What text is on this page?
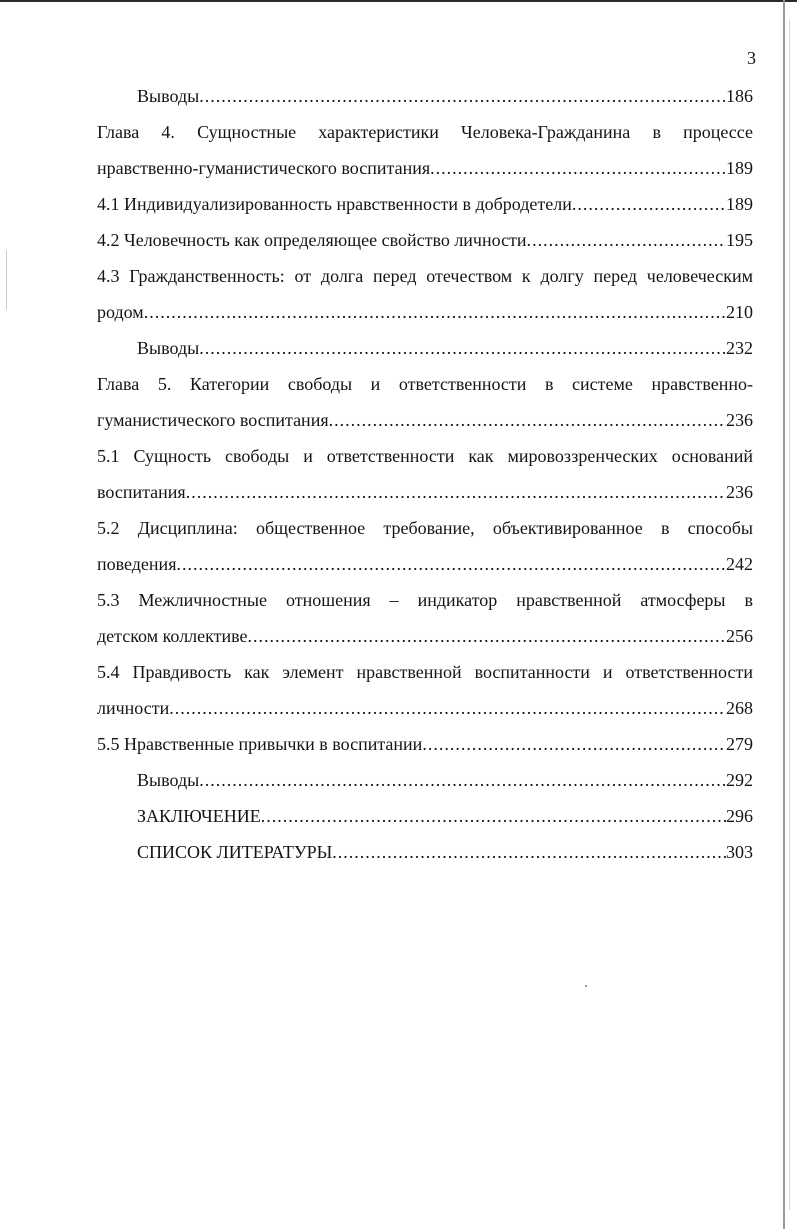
3
Выводы .....	186
Глава 4. Сущностные характеристики Человека-Гражданина в процессе
нравственно-гуманистического воспитания .....	189
4.1 Индивидуализированность нравственности в добродетели .....	189
4.2 Человечность как определяющее свойство личности .....	195
4.3 Гражданственность: от долга перед отечеством к долгу перед человеческим
родом .....	210
Выводы .....	232
Глава 5. Категории свободы и ответственности в системе нравственно-
гуманистического воспитания .....	236
5.1 Сущность свободы и ответственности как мировоззренческих оснований
воспитания .....	236
5.2 Дисциплина: общественное требование, объективированное в способы
поведения .....	242
5.3 Межличностные отношения – индикатор нравственной атмосферы в
детском коллективе .....	256
5.4 Правдивость как элемент нравственной воспитанности и ответственности
личности .....	268
5.5 Нравственные привычки в воспитании .....	279
Выводы .....	292
ЗАКЛЮЧЕНИЕ .....	296
СПИСОК ЛИТЕРАТУРЫ .....	303
